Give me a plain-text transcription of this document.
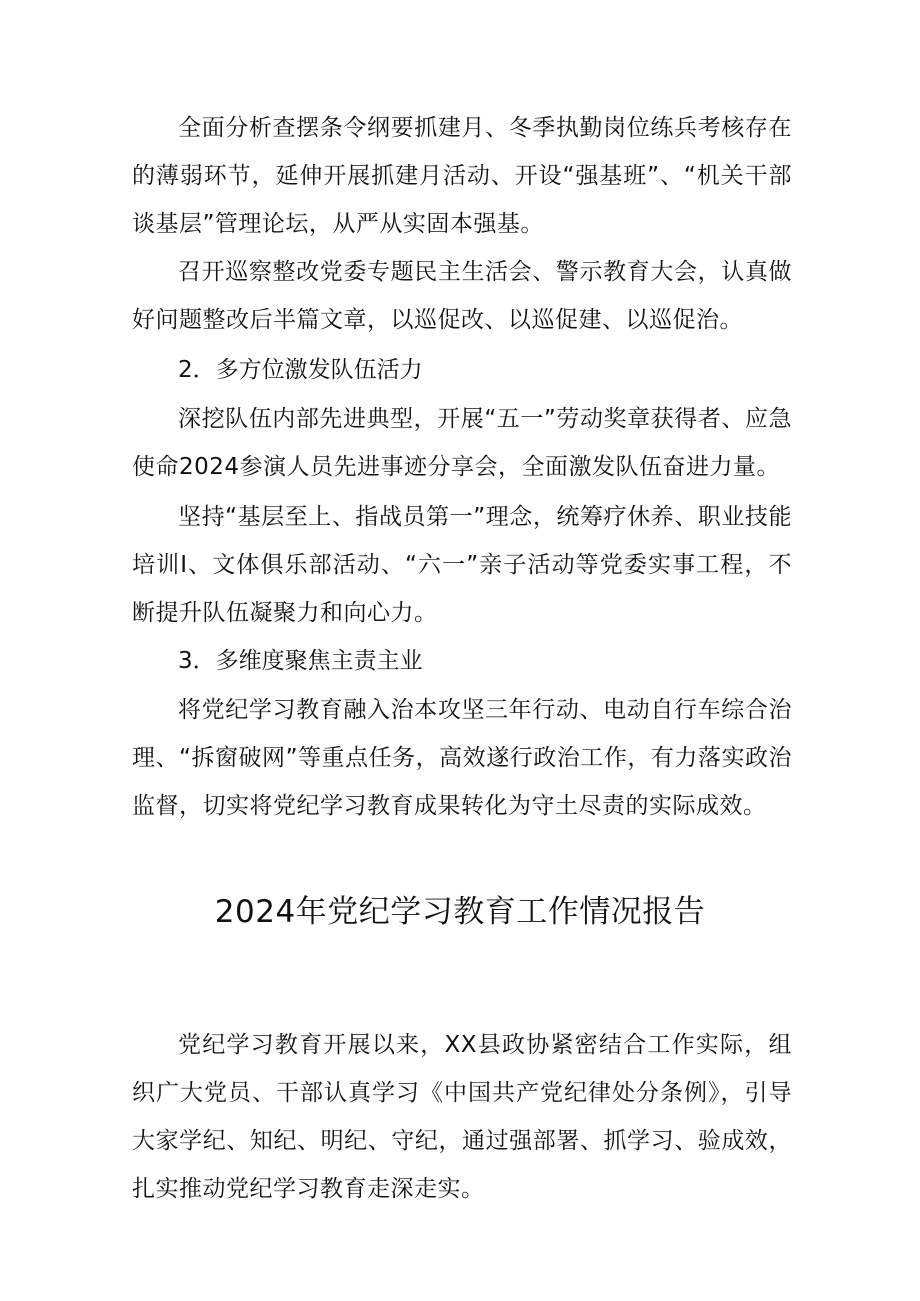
全面分析查摆条令纲要抓建月、冬季执勤岗位练兵考核存在的薄弱环节，延伸开展抓建月活动、开设“强基班”、“机关干部谈基层”管理论坛，从严从实固本强基。

召开巡察整改党委专题民主生活会、警示教育大会，认真做好问题整改后半篇文章，以巡促改、以巡促建、以巡促治。

2．多方位激发队伍活力

深挖队伍内部先进典型，开展“五一”劳动奖章获得者、应急使命2024参演人员先进事迹分享会，全面激发队伍奋进力量。

坚持“基层至上、指战员第一”理念，统筹疗休养、职业技能培训I、文体俱乐部活动、“六一”亲子活动等党委实事工程，不断提升队伍凝聚力和向心力。

3．多维度聚焦主责主业

将党纪学习教育融入治本攻坚三年行动、电动自行车综合治理、“拆窗破网”等重点任务，高效遂行政治工作，有力落实政治监督，切实将党纪学习教育成果转化为守土尽责的实际成效。

2024年党纪学习教育工作情况报告

党纪学习教育开展以来，XX县政协紧密结合工作实际，组织广大党员、干部认真学习《中国共产党纪律处分条例》，引导大家学纪、知纪、明纪、守纪，通过强部署、抓学习、验成效，扎实推动党纪学习教育走深走实。
